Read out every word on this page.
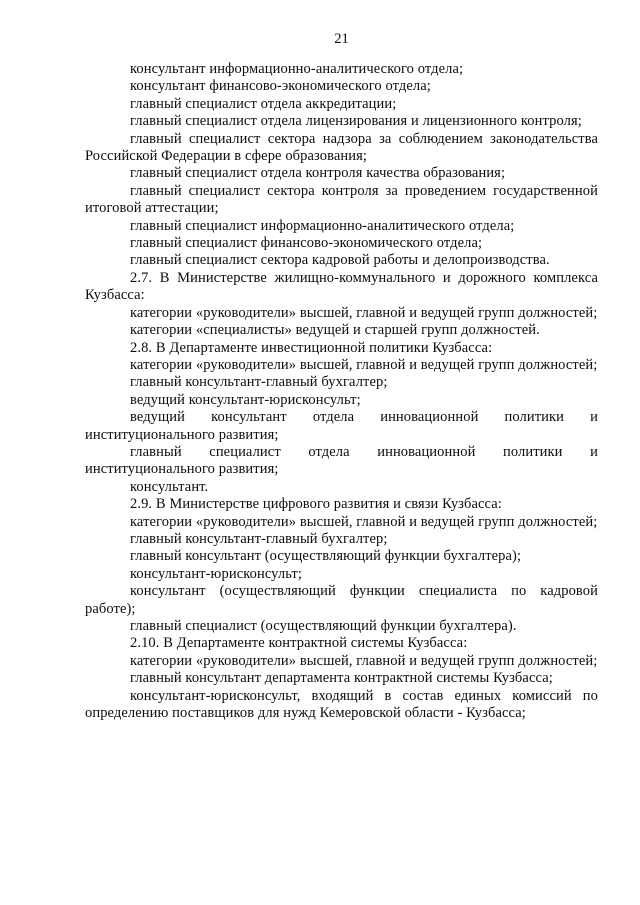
21

консультант информационно-аналитического отдела;

консультант финансово-экономического отдела;

главный специалист отдела аккредитации;

главный специалист отдела лицензирования и лицензионного контроля;

главный специалист сектора надзора за соблюдением законодательства Российской Федерации в сфере образования;

главный специалист отдела контроля качества образования;

главный специалист сектора контроля за проведением государственной итоговой аттестации;

главный специалист информационно-аналитического отдела;

главный специалист финансово-экономического отдела;

главный специалист сектора кадровой работы и делопроизводства.

2.7. В Министерстве жилищно-коммунального и дорожного комплекса Кузбасса:

категории «руководители» высшей, главной и ведущей групп должностей;

категории «специалисты» ведущей и старшей групп должностей.

2.8. В Департаменте инвестиционной политики Кузбасса:

категории «руководители» высшей, главной и ведущей групп должностей;

главный консультант-главный бухгалтер;

ведущий консультант-юрисконсульт;

ведущий консультант отдела инновационной политики и институционального развития;

главный специалист отдела инновационной политики и институционального развития;

консультант.

2.9. В Министерстве цифрового развития и связи Кузбасса:

категории «руководители» высшей, главной и ведущей групп должностей;

главный консультант-главный бухгалтер;

главный консультант (осуществляющий функции бухгалтера);

консультант-юрисконсульт;

консультант (осуществляющий функции специалиста по кадровой работе);

главный специалист (осуществляющий функции бухгалтера).

2.10. В Департаменте контрактной системы Кузбасса:

категории «руководители» высшей, главной и ведущей групп должностей;

главный консультант департамента контрактной системы Кузбасса;

консультант-юрисконсульт, входящий в состав единых комиссий по определению поставщиков для нужд Кемеровской области - Кузбасса;
